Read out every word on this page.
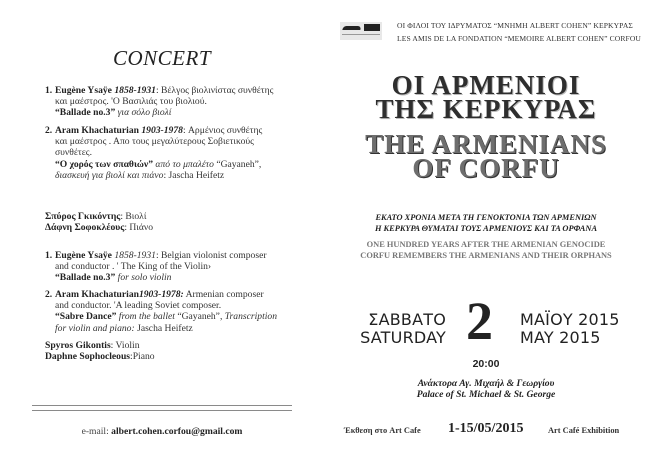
CONCERT
1. Eugène Ysaÿe 1858-1931: Βέλγος βιολινίστας συνθέτης
και μαέστρος. 'Ο Βασιλιάς του βιολιού.
“Ballade no.3” για σόλο βιολί
2. Aram Khachaturian 1903-1978: Αρμένιος συνθέτης
και μαέστρος . Απο τους μεγαλύτερους Σοβιετικούς
συνθέτες.
“Ο χορός των σπαθιών” από το μπαλέτο “Gayaneh”,
διασκευή για βιολί και πιάνο: Jascha Heifetz
Σπύρος Γκικόντης: Βιολί
Δάφνη Σοφοκλέους: Πιάνο
1. Eugène Ysaÿe 1858-1931: Belgian violonist composer
and conductor . ' The King of the Violin›
“Ballade no.3” for solo violin
2. Aram Khachaturian1903-1978: Armenian composer
and conductor. 'A leading Soviet composer.
“Sabre Dance” from the ballet “Gayaneh”, Transcription
for violin and piano: Jascha Heifetz
Spyros Gikontis: Violin
Daphne Sophocleous:Piano
e-mail: albert.cohen.corfou@gmail.com
ΟΙ ΦΙΛΟΙ ΤΟΥ ΙΔΡΥΜΑΤΟΣ “ΜΝΗΜΗ ALBERT COHEN” ΚΕΡΚΥΡΑΣ
LES AMIS DE LA FONDATION “MEMOIRE ALBERT COHEN” CORFOU
ΟΙ ΑΡΜΕΝΙΟΙ
ΤΗΣ ΚΕΡΚΥΡΑΣ
THE ARMENIANS
OF CORFU
ΕΚΑΤΟ ΧΡΟΝΙΑ ΜΕΤΑ ΤΗ ΓΕΝΟΚΤΟΝΙΑ ΤΩΝ ΑΡΜΕΝΙΩΝ
Η ΚΕΡΚΥΡΑ ΘΥΜΑΤΑΙ ΤΟΥΣ ΑΡΜΕΝΙΟΥΣ ΚΑΙ ΤΑ ΟΡΦΑΝΑ
ONE HUNDRED YEARS AFTER THE ARMENIAN GENOCIDE
CORFU REMEMBERS THE ARMENIANS AND THEIR ORPHANS
ΣΑΒΒΑΤΟ
SATURDAY 2 ΜΑΪΟΥ 2015
MAY 2015
20:00
Ανάκτορα Αγ. Μιχαήλ & Γεωργίου
Palace of St. Michael & St. George
Έκθεση στο Art Cafe 1-15/05/2015	Art Café Exhibition
